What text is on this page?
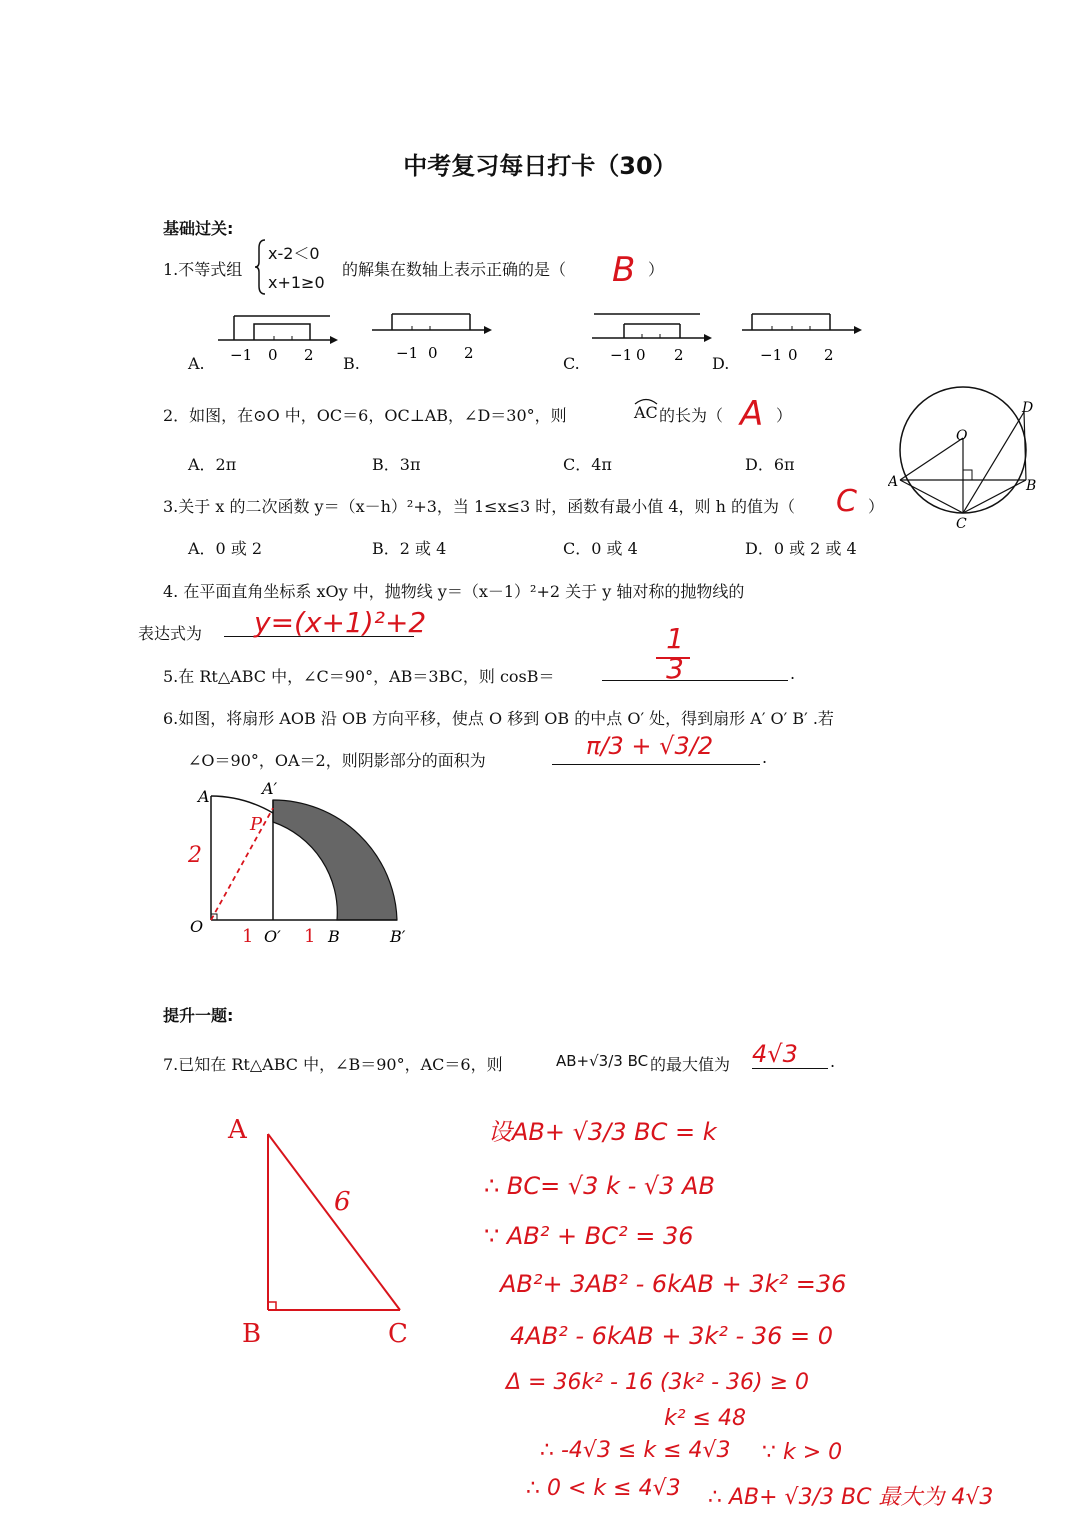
中考复习每日打卡（30）
基础过关:
1.不等式组
x-2＜0
x+1≥0
的解集在数轴上表示正确的是（ B ）
A. −1 0 2 B.
−1 0 2
C. −1 0 2 D. −1 0 2
2．如图，在⊙O 中，OC＝6，OC⊥AB，∠D＝30°，则	AC 的长为（ A ）
A．2π	B．3π	C．4π	D．6π
O
A	B
C
D
3.关于 x 的二次函数 y＝（x－h）²+3，当 1≤x≤3 时，函数有最小值 4，则 h 的值为（ C ）
A．0 或 2	B．2 或 4	C．0 或 4	D．0 或 2 或 4
4. 在平面直角坐标系 xOy 中，抛物线 y＝（x－1）²+2 关于 y 轴对称的抛物线的
表达式为 y=(x+1)²+2
5.在 Rt△ABC 中，∠C＝90°，AB＝3BC，则 cosB＝	.
1
3
6.如图，将扇形 AOB 沿 OB 方向平移，使点 O 移到 OB 的中点 O′ 处，得到扇形 A′ O′ B′ .若
∠O＝90°，OA＝2，则阴影部分的面积为	.
π/3 + √3/2
A	A′
O
O′	B	B′
2
P
1	1
提升一题:
7.已知在 Rt△ABC 中，∠B＝90°，AC＝6，则	AB+√3/3 BC 的最大值为	.
4√3
A
B	C
6
设AB+ √3/3 BC = k
∴ BC= √3 k - √3 AB
∵ AB² + BC² = 36
AB²+ 3AB² - 6kAB + 3k² =36
4AB² - 6kAB + 3k² - 36 = 0
Δ = 36k² - 16 (3k² - 36) ≥ 0
k² ≤ 48
∴ -4√3 ≤ k ≤ 4√3 ∵ k > 0
∴ 0 < k ≤ 4√3 ∴ AB+ √3/3 BC 最大为 4√3
